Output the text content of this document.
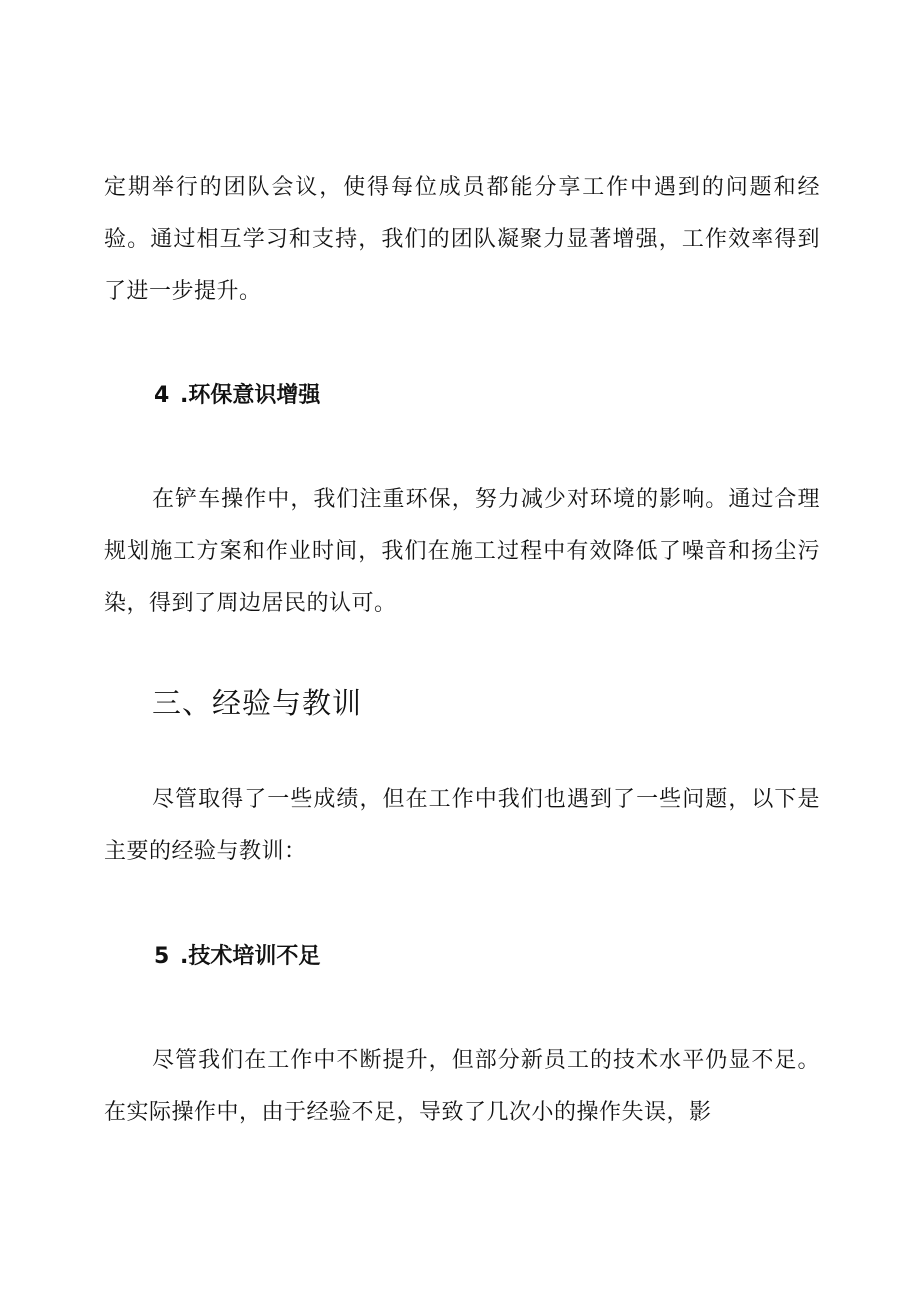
定期举行的团队会议，使得每位成员都能分享工作中遇到的问题和经验。通过相互学习和支持，我们的团队凝聚力显著增强，工作效率得到了进一步提升。

4 .环保意识增强

在铲车操作中，我们注重环保，努力减少对环境的影响。通过合理规划施工方案和作业时间，我们在施工过程中有效降低了噪音和扬尘污染，得到了周边居民的认可。

三、经验与教训

尽管取得了一些成绩，但在工作中我们也遇到了一些问题，以下是主要的经验与教训：

5 .技术培训不足

尽管我们在工作中不断提升，但部分新员工的技术水平仍显不足。在实际操作中，由于经验不足，导致了几次小的操作失误，影
